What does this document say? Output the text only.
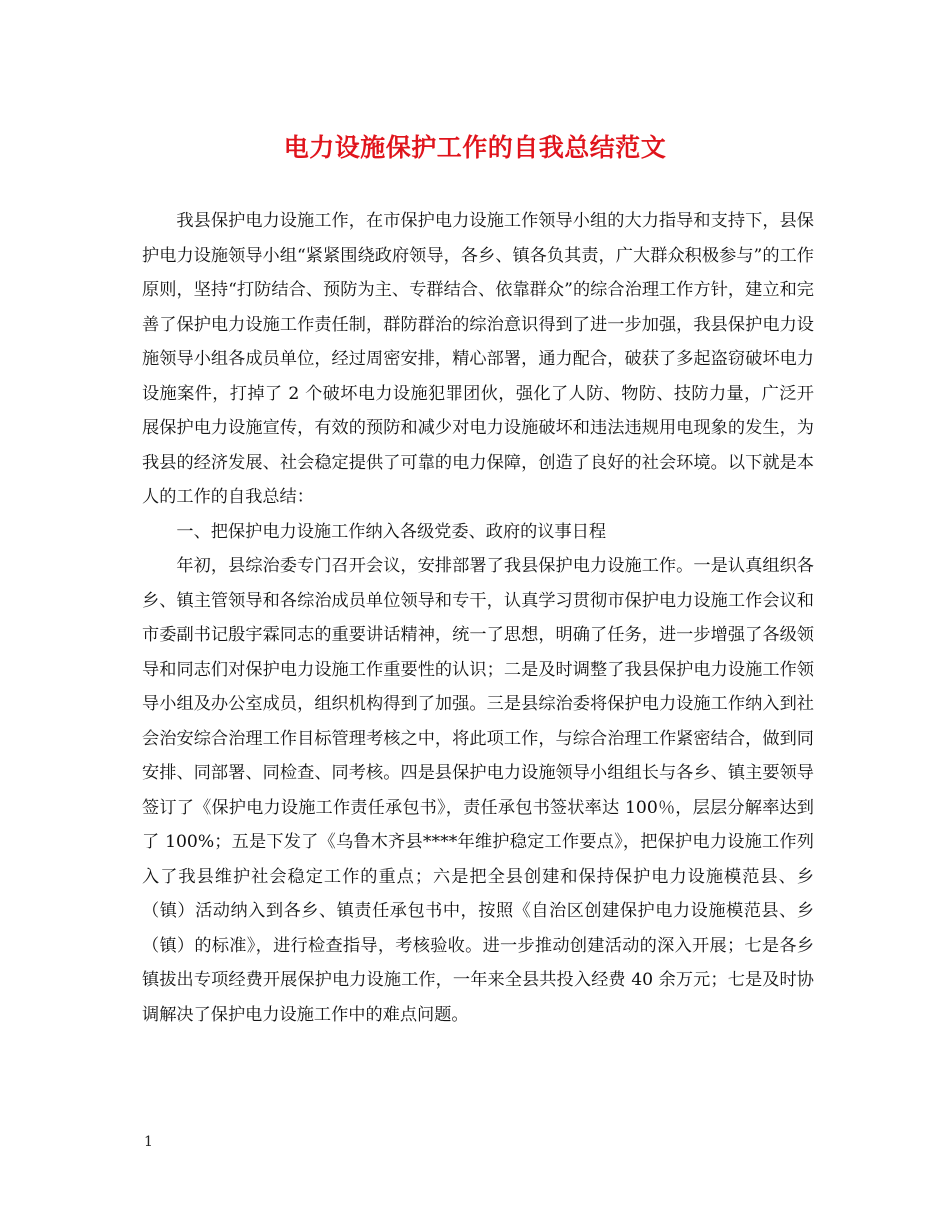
电力设施保护工作的自我总结范文

我县保护电力设施工作，在市保护电力设施工作领导小组的大力指导和支持下，县保护电力设施领导小组“紧紧围绕政府领导，各乡、镇各负其责，广大群众积极参与”的工作原则，坚持“打防结合、预防为主、专群结合、依靠群众”的综合治理工作方针，建立和完善了保护电力设施工作责任制，群防群治的综治意识得到了进一步加强，我县保护电力设施领导小组各成员单位，经过周密安排，精心部署，通力配合，破获了多起盗窃破坏电力设施案件，打掉了 2 个破坏电力设施犯罪团伙，强化了人防、物防、技防力量，广泛开展保护电力设施宣传，有效的预防和减少对电力设施破坏和违法违规用电现象的发生，为我县的经济发展、社会稳定提供了可靠的电力保障，创造了良好的社会环境。以下就是本人的工作的自我总结：

一、把保护电力设施工作纳入各级党委、政府的议事日程

年初，县综治委专门召开会议，安排部署了我县保护电力设施工作。一是认真组织各乡、镇主管领导和各综治成员单位领导和专干，认真学习贯彻市保护电力设施工作会议和市委副书记殷宇霖同志的重要讲话精神，统一了思想，明确了任务，进一步增强了各级领导和同志们对保护电力设施工作重要性的认识；二是及时调整了我县保护电力设施工作领导小组及办公室成员，组织机构得到了加强。三是县综治委将保护电力设施工作纳入到社会治安综合治理工作目标管理考核之中，将此项工作，与综合治理工作紧密结合，做到同安排、同部署、同检查、同考核。四是县保护电力设施领导小组组长与各乡、镇主要领导签订了《保护电力设施工作责任承包书》，责任承包书签状率达 100％，层层分解率达到了 100%；五是下发了《乌鲁木齐县****年维护稳定工作要点》，把保护电力设施工作列入了我县维护社会稳定工作的重点；六是把全县创建和保持保护电力设施模范县、乡（镇）活动纳入到各乡、镇责任承包书中，按照《自治区创建保护电力设施模范县、乡（镇）的标准》，进行检查指导，考核验收。进一步推动创建活动的深入开展；七是各乡镇拔出专项经费开展保护电力设施工作，一年来全县共投入经费 40 余万元；七是及时协调解决了保护电力设施工作中的难点问题。

1
